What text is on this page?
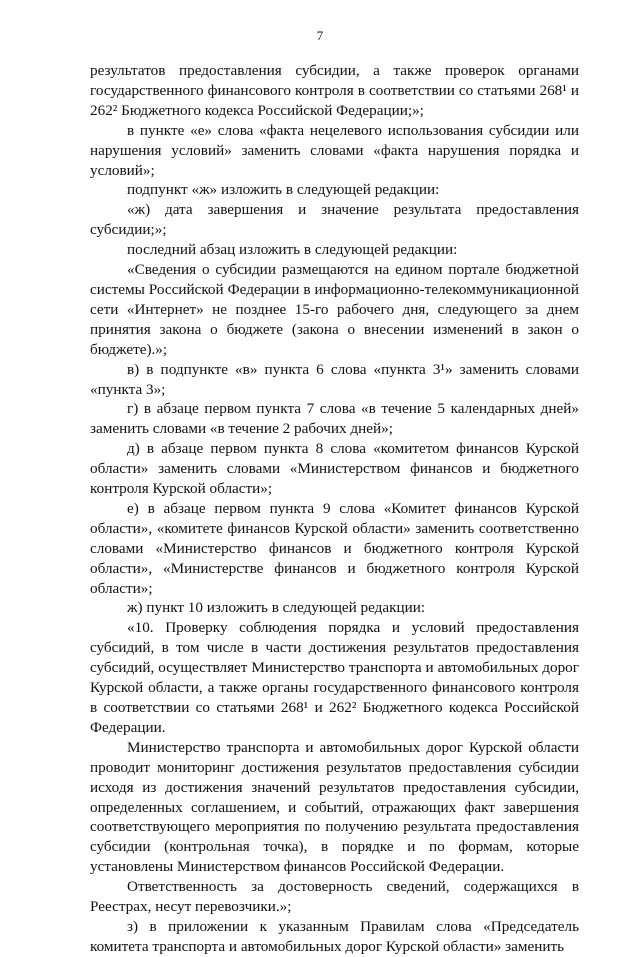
7

результатов предоставления субсидии, а также проверок органами государственного финансового контроля в соответствии со статьями 268¹ и 262² Бюджетного кодекса Российской Федерации;»;

в пункте «е» слова «факта нецелевого использования субсидии или нарушения условий» заменить словами «факта нарушения порядка и условий»;

подпункт «ж» изложить в следующей редакции:

«ж) дата завершения и значение результата предоставления субсидии;»;

последний абзац изложить в следующей редакции:

«Сведения о субсидии размещаются на едином портале бюджетной системы Российской Федерации в информационно-телекоммуникационной сети «Интернет» не позднее 15-го рабочего дня, следующего за днем принятия закона о бюджете (закона о внесении изменений в закон о бюджете).»;

в) в подпункте «в» пункта 6 слова «пункта 3¹» заменить словами «пункта 3»;

г) в абзаце первом пункта 7 слова «в течение 5 календарных дней» заменить словами «в течение 2 рабочих дней»;

д) в абзаце первом пункта 8 слова «комитетом финансов Курской области» заменить словами «Министерством финансов и бюджетного контроля Курской области»;

е) в абзаце первом пункта 9 слова «Комитет финансов Курской области», «комитете финансов Курской области» заменить соответственно словами «Министерство финансов и бюджетного контроля Курской области», «Министерстве финансов и бюджетного контроля Курской области»;

ж) пункт 10 изложить в следующей редакции:

«10. Проверку соблюдения порядка и условий предоставления субсидий, в том числе в части достижения результатов предоставления субсидий, осуществляет Министерство транспорта и автомобильных дорог Курской области, а также органы государственного финансового контроля в соответствии со статьями 268¹ и 262² Бюджетного кодекса Российской Федерации.

Министерство транспорта и автомобильных дорог Курской области проводит мониторинг достижения результатов предоставления субсидии исходя из достижения значений результатов предоставления субсидии, определенных соглашением, и событий, отражающих факт завершения соответствующего мероприятия по получению результата предоставления субсидии (контрольная точка), в порядке и по формам, которые установлены Министерством финансов Российской Федерации.

Ответственность за достоверность сведений, содержащихся в Реестрах, несут перевозчики.»;

з) в приложении к указанным Правилам слова «Председатель комитета транспорта и автомобильных дорог Курской области» заменить
